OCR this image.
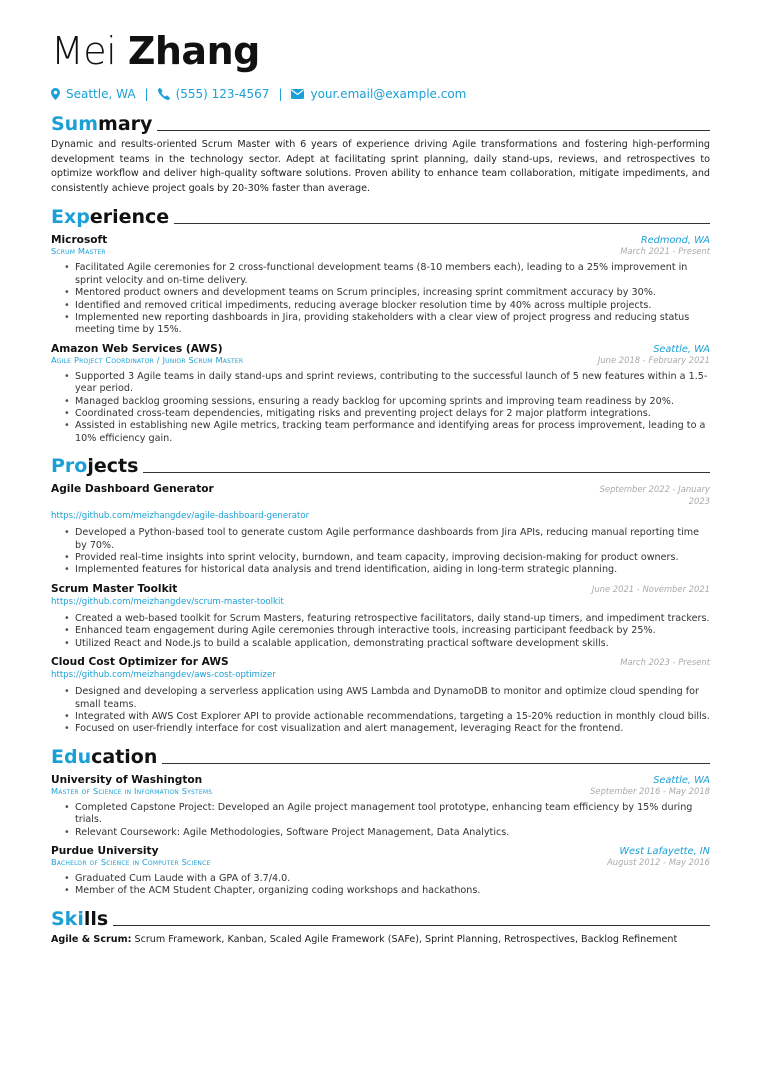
Mei Zhang
Seattle, WA | (555) 123-4567 | your.email@example.com
Summary

Dynamic and results-oriented Scrum Master with 6 years of experience driving Agile transformations and fostering high-performing development teams in the technology sector. Adept at facilitating sprint planning, daily stand-ups, reviews, and retrospectives to optimize workflow and deliver high-quality software solutions. Proven ability to enhance team collaboration, mitigate impediments, and consistently achieve project goals by 20-30% faster than average.

Experience
Microsoft	Redmond, WA
Scrum Master	March 2021 - Present
• Facilitated Agile ceremonies for 2 cross-functional development teams (8-10 members each), leading to a 25% improvement in sprint velocity and on-time delivery.
• Mentored product owners and development teams on Scrum principles, increasing sprint commitment accuracy by 30%.
• Identified and removed critical impediments, reducing average blocker resolution time by 40% across multiple projects.
• Implemented new reporting dashboards in Jira, providing stakeholders with a clear view of project progress and reducing status meeting time by 15%.
Amazon Web Services (AWS)	Seattle, WA
Agile Project Coordinator / Junior Scrum Master	June 2018 - February 2021
• Supported 3 Agile teams in daily stand-ups and sprint reviews, contributing to the successful launch of 5 new features within a 1.5-year period.
• Managed backlog grooming sessions, ensuring a ready backlog for upcoming sprints and improving team readiness by 20%.
• Coordinated cross-team dependencies, mitigating risks and preventing project delays for 2 major platform integrations.
• Assisted in establishing new Agile metrics, tracking team performance and identifying areas for process improvement, leading to a 10% efficiency gain.
Projects
Agile Dashboard Generator	September 2022 - January 2023
https://github.com/meizhangdev/agile-dashboard-generator
• Developed a Python-based tool to generate custom Agile performance dashboards from Jira APIs, reducing manual reporting time by 70%.
• Provided real-time insights into sprint velocity, burndown, and team capacity, improving decision-making for product owners.
• Implemented features for historical data analysis and trend identification, aiding in long-term strategic planning.
Scrum Master Toolkit	June 2021 - November 2021
https://github.com/meizhangdev/scrum-master-toolkit
• Created a web-based toolkit for Scrum Masters, featuring retrospective facilitators, daily stand-up timers, and impediment trackers.
• Enhanced team engagement during Agile ceremonies through interactive tools, increasing participant feedback by 25%.
• Utilized React and Node.js to build a scalable application, demonstrating practical software development skills.
Cloud Cost Optimizer for AWS	March 2023 - Present
https://github.com/meizhangdev/aws-cost-optimizer
• Designed and developing a serverless application using AWS Lambda and DynamoDB to monitor and optimize cloud spending for small teams.
• Integrated with AWS Cost Explorer API to provide actionable recommendations, targeting a 15-20% reduction in monthly cloud bills.
• Focused on user-friendly interface for cost visualization and alert management, leveraging React for the frontend.
Education
University of Washington	Seattle, WA
Master of Science in Information Systems	September 2016 - May 2018
• Completed Capstone Project: Developed an Agile project management tool prototype, enhancing team efficiency by 15% during trials.
• Relevant Coursework: Agile Methodologies, Software Project Management, Data Analytics.
Purdue University	West Lafayette, IN
Bachelor of Science in Computer Science	August 2012 - May 2016
• Graduated Cum Laude with a GPA of 3.7/4.0.
• Member of the ACM Student Chapter, organizing coding workshops and hackathons.
Skills
Agile & Scrum: Scrum Framework, Kanban, Scaled Agile Framework (SAFe), Sprint Planning, Retrospectives, Backlog Refinement
